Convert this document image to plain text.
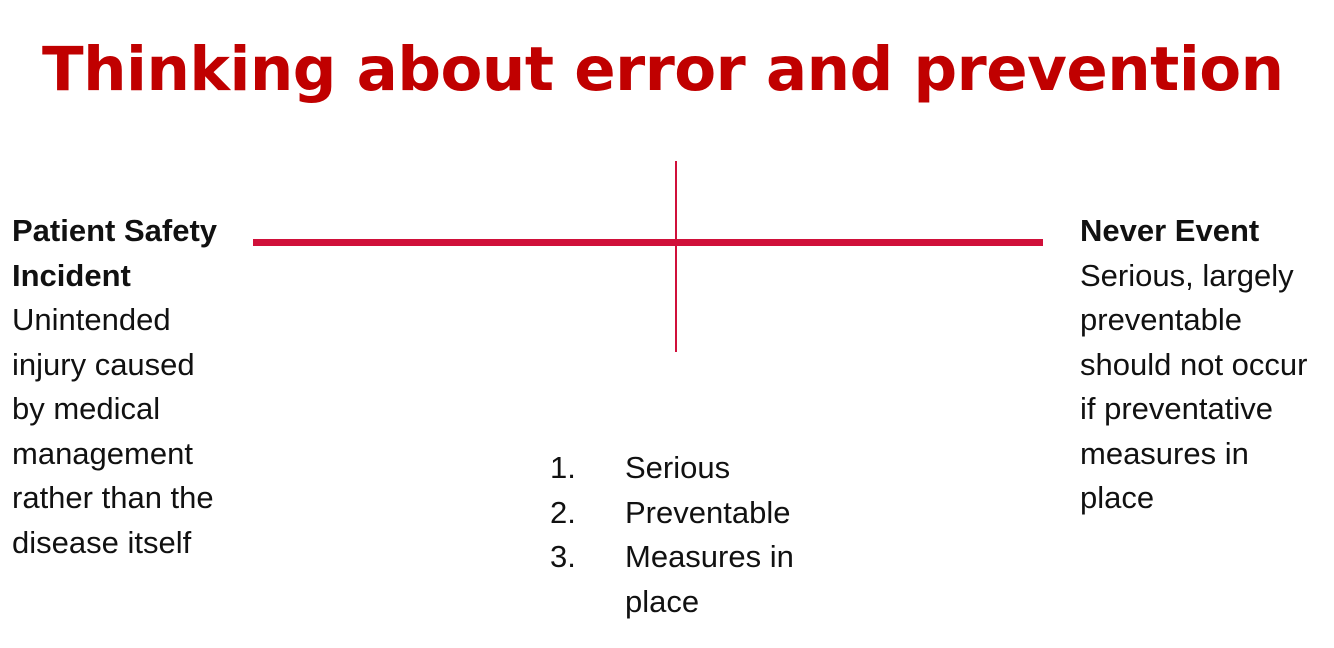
Thinking about error and prevention
Patient Safety
Incident
Unintended
injury caused
by medical
management
rather than the
disease itself
Never Event
Serious, largely
preventable
should not occur
if preventative
measures in
place
1.	Serious
2.	Preventable
3.	Measures in
place
